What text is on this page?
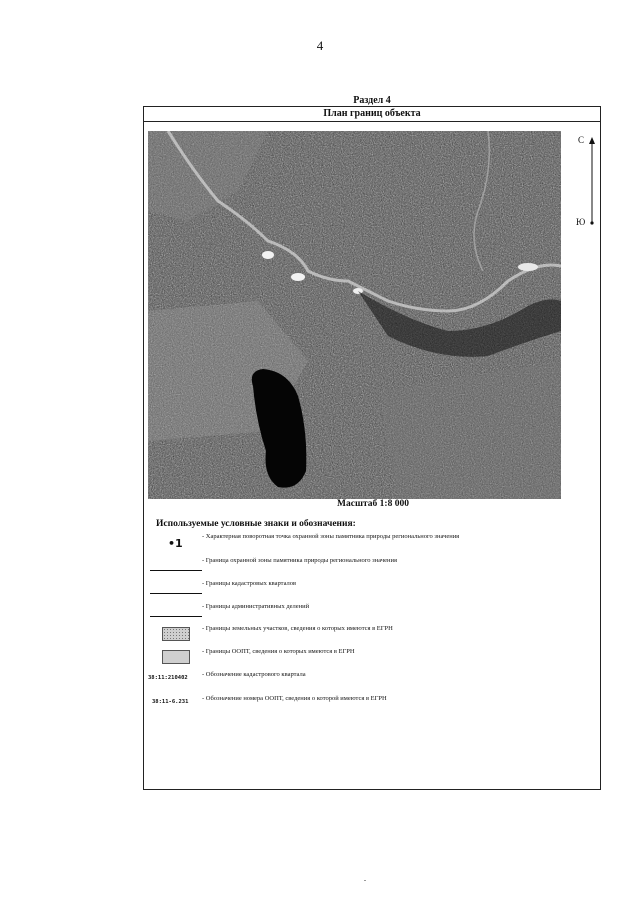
4
Раздел 4
План границ объекта
С
Ю
Масштаб 1:8 000
Используемые условные знаки и обозначения:
•1
- Характерная поворотная точка охранной зоны памятника природы регионального значения
- Граница охранной зоны памятника природы регионального значения
- Границы кадастровых кварталов
- Границы административных делений
- Границы земельных участков, сведения о которых имеются в ЕГРН
- Границы ООПТ, сведения о которых имеются в ЕГРН
38:11:210402 - Обозначение кадастрового квартала
38:11-6.231 - Обозначение номера ООПТ, сведения о которой имеются в ЕГРН
